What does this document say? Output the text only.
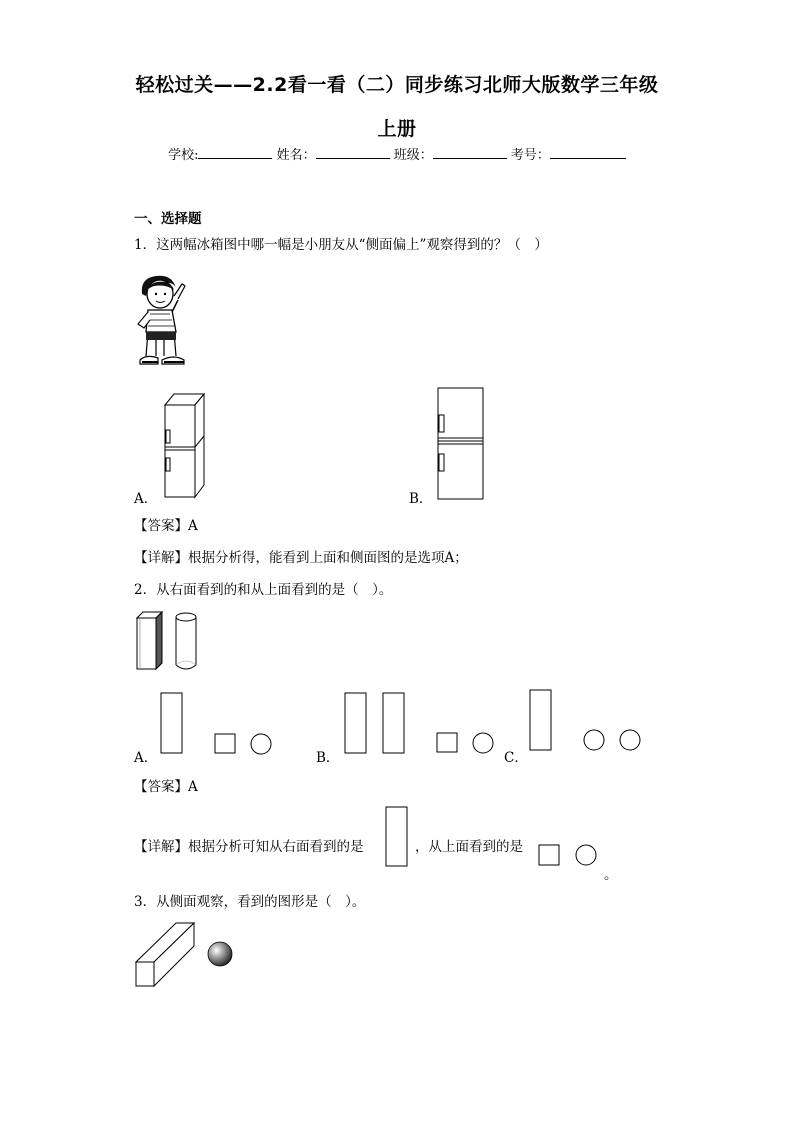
轻松过关——2.2看一看（二）同步练习北师大版数学三年级
上册
学校:	姓名：	班级：	考号：
一、选择题
1．这两幅冰箱图中哪一幅是小朋友从“侧面偏上”观察得到的？（　）
A．	B．
【答案】A
【详解】根据分析得，能看到上面和侧面图的是选项A；
2．从右面看到的和从上面看到的是（　）。
A．	B．	C．
【答案】A
【详解】根据分析可知从右面看到的是	，从上面看到的是
。
3．从侧面观察，看到的图形是（　）。
